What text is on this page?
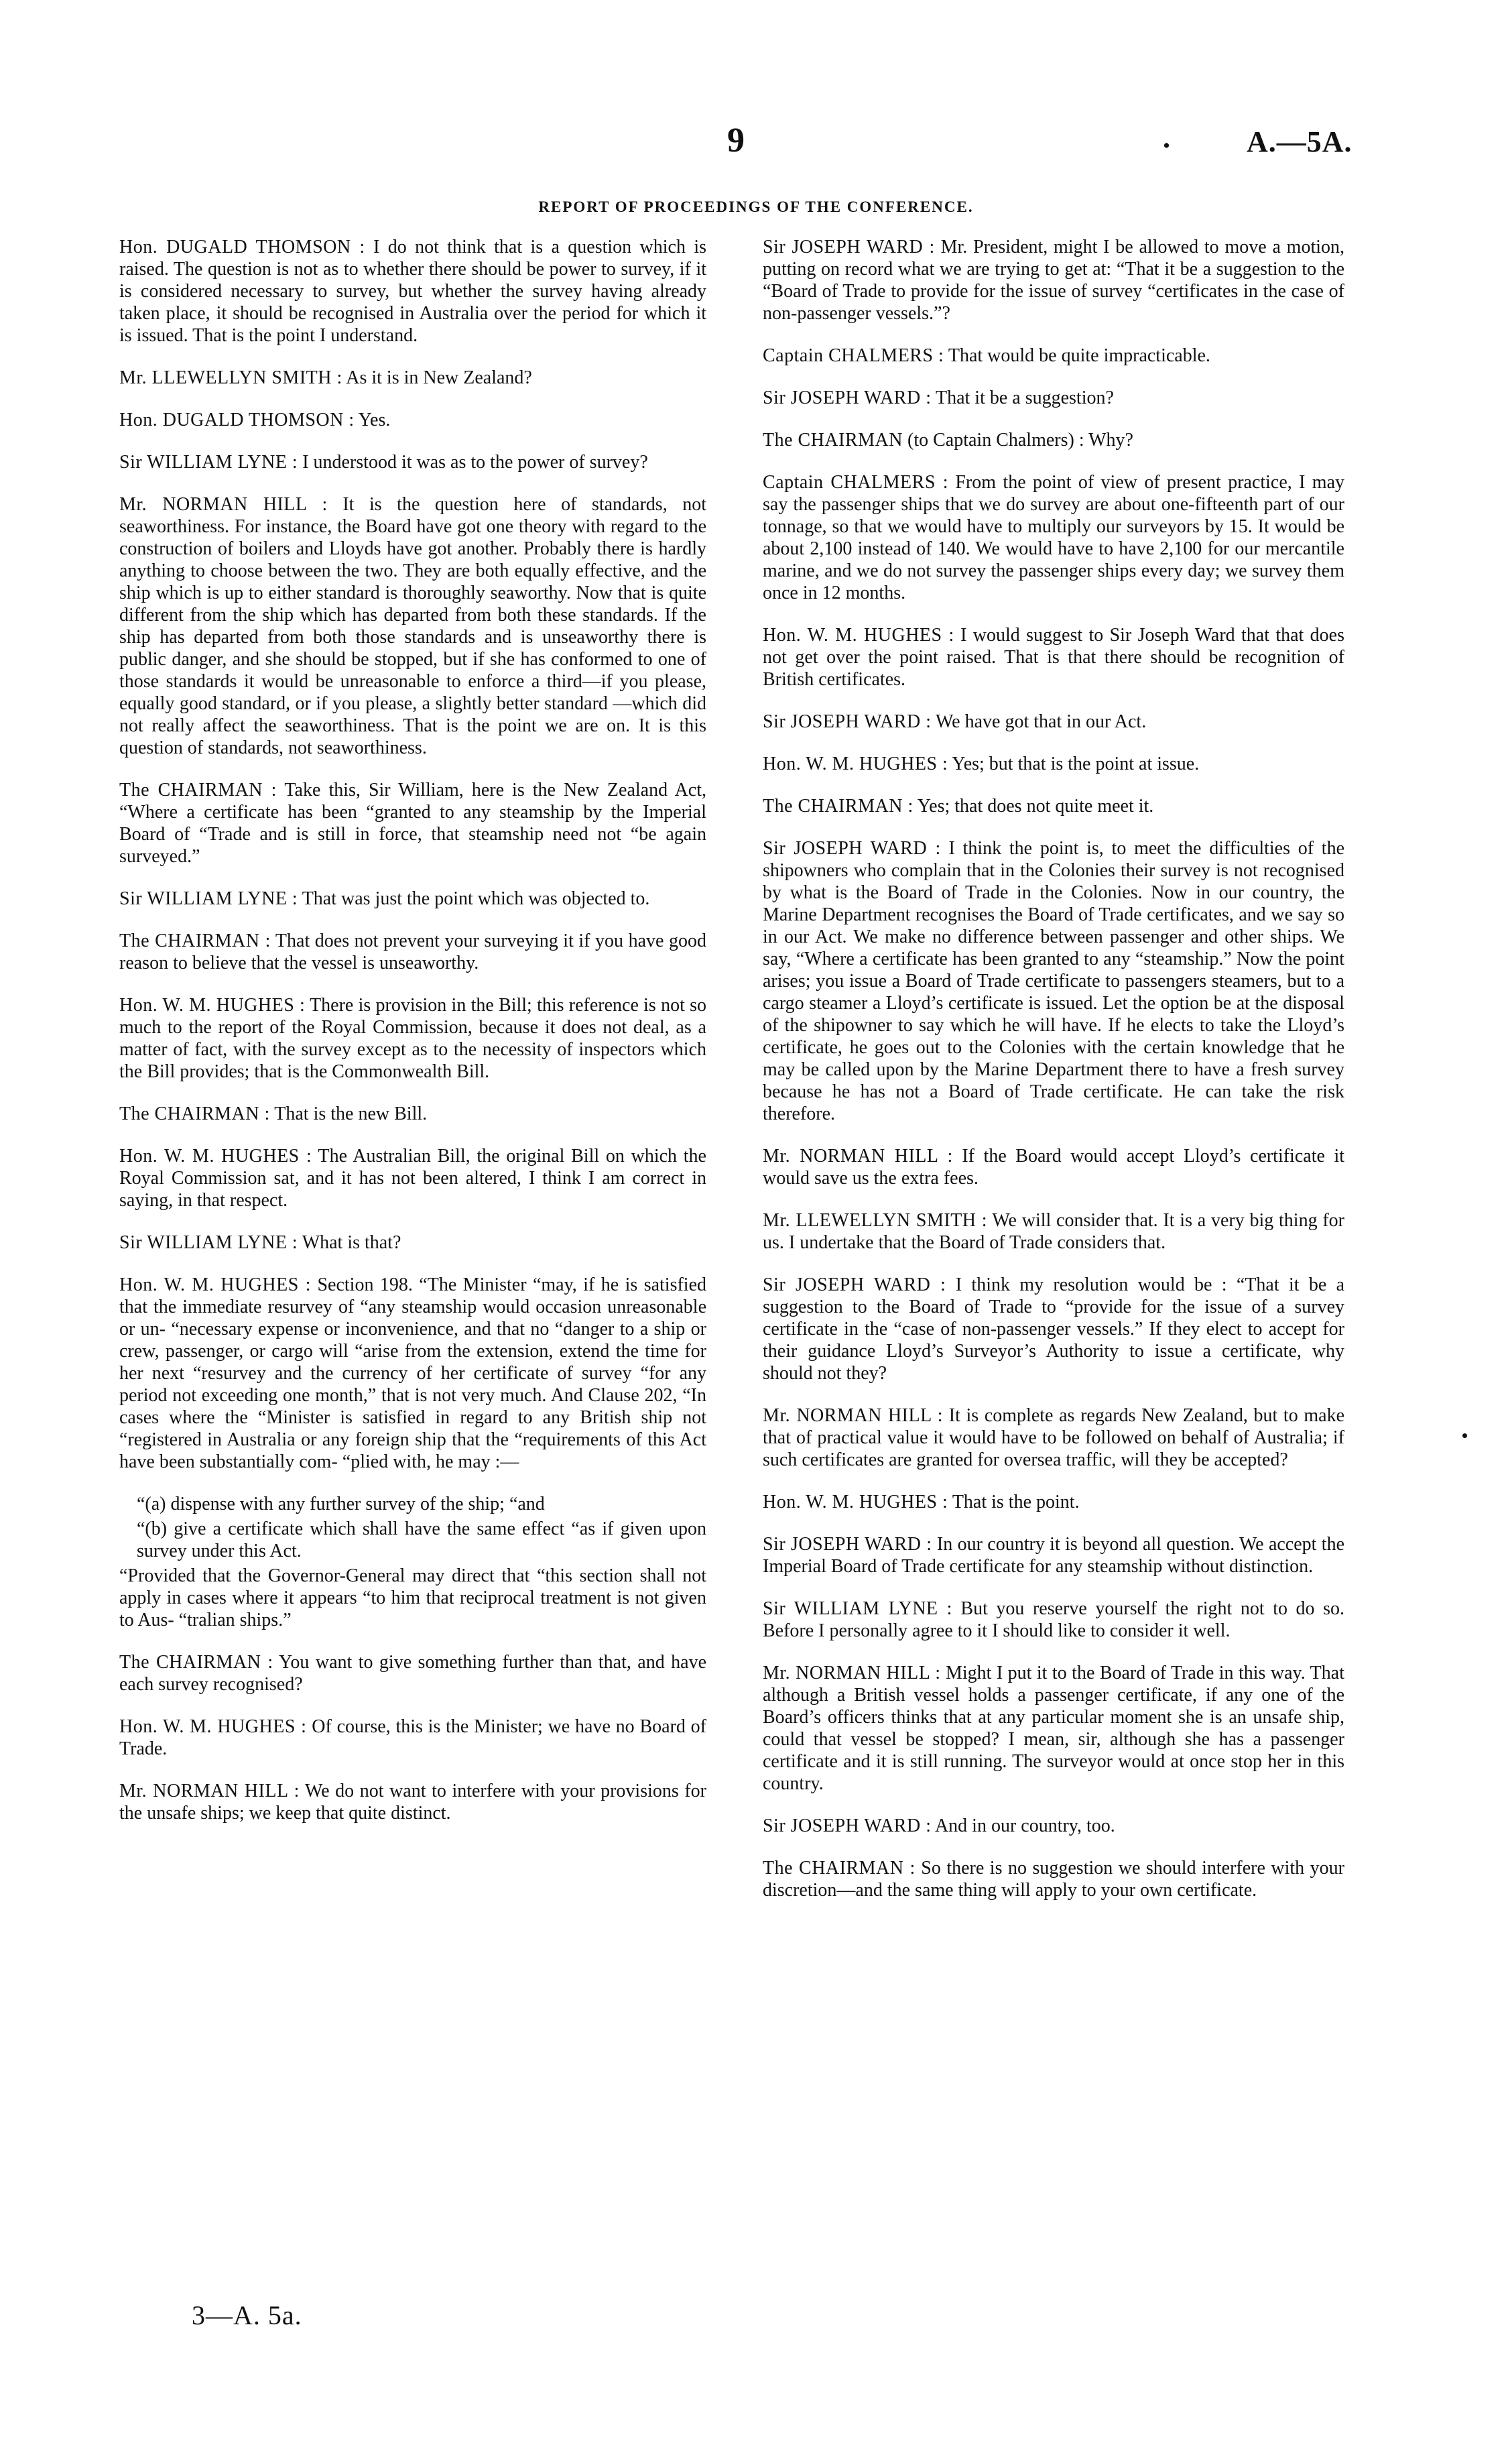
9	.	A.—5A.
REPORT OF PROCEEDINGS OF THE CONFERENCE.

Hon. DUGALD THOMSON : I do not think that is a question which is raised. The question is not as to whether there should be power to survey, if it is considered necessary to survey, but whether the survey having already taken place, it should be recognised in Australia over the period for which it is issued. That is the point I understand.

Mr. LLEWELLYN SMITH : As it is in New Zealand?

Hon. DUGALD THOMSON : Yes.

Sir WILLIAM LYNE : I understood it was as to the power of survey?

Mr. NORMAN HILL : It is the question here of standards, not seaworthiness. For instance, the Board have got one theory with regard to the construction of boilers and Lloyds have got another. Probably there is hardly anything to choose between the two. They are both equally effective, and the ship which is up to either standard is thoroughly seaworthy. Now that is quite different from the ship which has departed from both these standards. If the ship has departed from both those standards and is unseaworthy there is public danger, and she should be stopped, but if she has conformed to one of those standards it would be unreasonable to enforce a third—if you please, equally good standard, or if you please, a slightly better standard —which did not really affect the seaworthiness. That is the point we are on. It is this question of standards, not seaworthiness.

The CHAIRMAN : Take this, Sir William, here is the New Zealand Act, “Where a certificate has been “granted to any steamship by the Imperial Board of “Trade and is still in force, that steamship need not “be again surveyed.”

Sir WILLIAM LYNE : That was just the point which was objected to.

The CHAIRMAN : That does not prevent your surveying it if you have good reason to believe that the vessel is unseaworthy.

Hon. W. M. HUGHES : There is provision in the Bill; this reference is not so much to the report of the Royal Commission, because it does not deal, as a matter of fact, with the survey except as to the necessity of inspectors which the Bill provides; that is the Commonwealth Bill.

The CHAIRMAN : That is the new Bill.

Hon. W. M. HUGHES : The Australian Bill, the original Bill on which the Royal Commission sat, and it has not been altered, I think I am correct in saying, in that respect.

Sir WILLIAM LYNE : What is that?

Hon. W. M. HUGHES : Section 198. “The Minister “may, if he is satisfied that the immediate resurvey of “any steamship would occasion unreasonable or un- “necessary expense or inconvenience, and that no “danger to a ship or crew, passenger, or cargo will “arise from the extension, extend the time for her next “resurvey and the currency of her certificate of survey “for any period not exceeding one month,” that is not very much. And Clause 202, “In cases where the “Minister is satisfied in regard to any British ship not “registered in Australia or any foreign ship that the “requirements of this Act have been substantially com- “plied with, he may :—

“(a) dispense with any further survey of the ship; “and

“(b) give a certificate which shall have the same effect “as if given upon survey under this Act.

“Provided that the Governor-General may direct that “this section shall not apply in cases where it appears “to him that reciprocal treatment is not given to Aus- “tralian ships.”

The CHAIRMAN : You want to give something further than that, and have each survey recognised?

Hon. W. M. HUGHES : Of course, this is the Minister; we have no Board of Trade.

Mr. NORMAN HILL : We do not want to interfere with your provisions for the unsafe ships; we keep that quite distinct.

Sir JOSEPH WARD : Mr. President, might I be allowed to move a motion, putting on record what we are trying to get at: “That it be a suggestion to the “Board of Trade to provide for the issue of survey “certificates in the case of non-passenger vessels.”?

Captain CHALMERS : That would be quite impracticable.

Sir JOSEPH WARD : That it be a suggestion?

The CHAIRMAN (to Captain Chalmers) : Why?

Captain CHALMERS : From the point of view of present practice, I may say the passenger ships that we do survey are about one-fifteenth part of our tonnage, so that we would have to multiply our surveyors by 15. It would be about 2,100 instead of 140. We would have to have 2,100 for our mercantile marine, and we do not survey the passenger ships every day; we survey them once in 12 months.

Hon. W. M. HUGHES : I would suggest to Sir Joseph Ward that that does not get over the point raised. That is that there should be recognition of British certificates.

Sir JOSEPH WARD : We have got that in our Act.

Hon. W. M. HUGHES : Yes; but that is the point at issue.

The CHAIRMAN : Yes; that does not quite meet it.

Sir JOSEPH WARD : I think the point is, to meet the difficulties of the shipowners who complain that in the Colonies their survey is not recognised by what is the Board of Trade in the Colonies. Now in our country, the Marine Department recognises the Board of Trade certificates, and we say so in our Act. We make no difference between passenger and other ships. We say, “Where a certificate has been granted to any “steamship.” Now the point arises; you issue a Board of Trade certificate to passengers steamers, but to a cargo steamer a Lloyd’s certificate is issued. Let the option be at the disposal of the shipowner to say which he will have. If he elects to take the Lloyd’s certificate, he goes out to the Colonies with the certain knowledge that he may be called upon by the Marine Department there to have a fresh survey because he has not a Board of Trade certificate. He can take the risk therefore.

Mr. NORMAN HILL : If the Board would accept Lloyd’s certificate it would save us the extra fees.

Mr. LLEWELLYN SMITH : We will consider that. It is a very big thing for us. I undertake that the Board of Trade considers that.

Sir JOSEPH WARD : I think my resolution would be : “That it be a suggestion to the Board of Trade to “provide for the issue of a survey certificate in the “case of non-passenger vessels.” If they elect to accept for their guidance Lloyd’s Surveyor’s Authority to issue a certificate, why should not they?

Mr. NORMAN HILL : It is complete as regards New Zealand, but to make that of practical value it would have to be followed on behalf of Australia; if such certificates are granted for oversea traffic, will they be accepted?

Hon. W. M. HUGHES : That is the point.

Sir JOSEPH WARD : In our country it is beyond all question. We accept the Imperial Board of Trade certificate for any steamship without distinction.

Sir WILLIAM LYNE : But you reserve yourself the right not to do so. Before I personally agree to it I should like to consider it well.

Mr. NORMAN HILL : Might I put it to the Board of Trade in this way. That although a British vessel holds a passenger certificate, if any one of the Board’s officers thinks that at any particular moment she is an unsafe ship, could that vessel be stopped? I mean, sir, although she has a passenger certificate and it is still running. The surveyor would at once stop her in this country.

Sir JOSEPH WARD : And in our country, too.

The CHAIRMAN : So there is no suggestion we should interfere with your discretion—and the same thing will apply to your own certificate.

3—A. 5a.
